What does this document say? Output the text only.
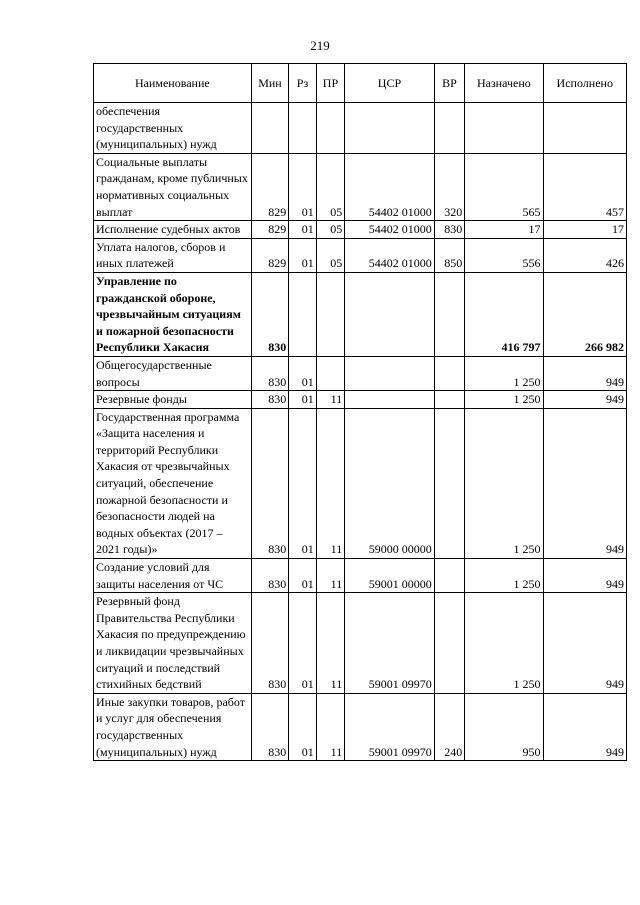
219
Наименование	Мин	Рз	ПР	ЦСР	ВР	Назначено	Исполнено
обеспечения государственных (муниципальных) нужд							
Социальные выплаты гражданам, кроме публичных нормативных социальных выплат	829	01	05	54402 01000	320	565	457
Исполнение судебных актов	829	01	05	54402 01000	830	17	17
Уплата налогов, сборов и иных платежей	829	01	05	54402 01000	850	556	426
Управление по гражданской обороне, чрезвычайным ситуациям и пожарной безопасности Республики Хакасия	830					416 797	266 982
Общегосударственные вопросы	830	01				1 250	949
Резервные фонды	830	01	11			1 250	949
Государственная программа «Защита населения и территорий Республики Хакасия от чрезвычайных ситуаций, обеспечение пожарной безопасности и безопасности людей на водных объектах (2017 – 2021 годы)»	830	01	11	59000 00000		1 250	949
Создание условий для защиты населения от ЧС	830	01	11	59001 00000		1 250	949
Резервный фонд Правительства Республики Хакасия по предупреждению и ликвидации чрезвычайных ситуаций и последствий стихийных бедствий	830	01	11	59001 09970		1 250	949
Иные закупки товаров, работ и услуг для обеспечения государственных (муниципальных) нужд	830	01	11	59001 09970	240	950	949
